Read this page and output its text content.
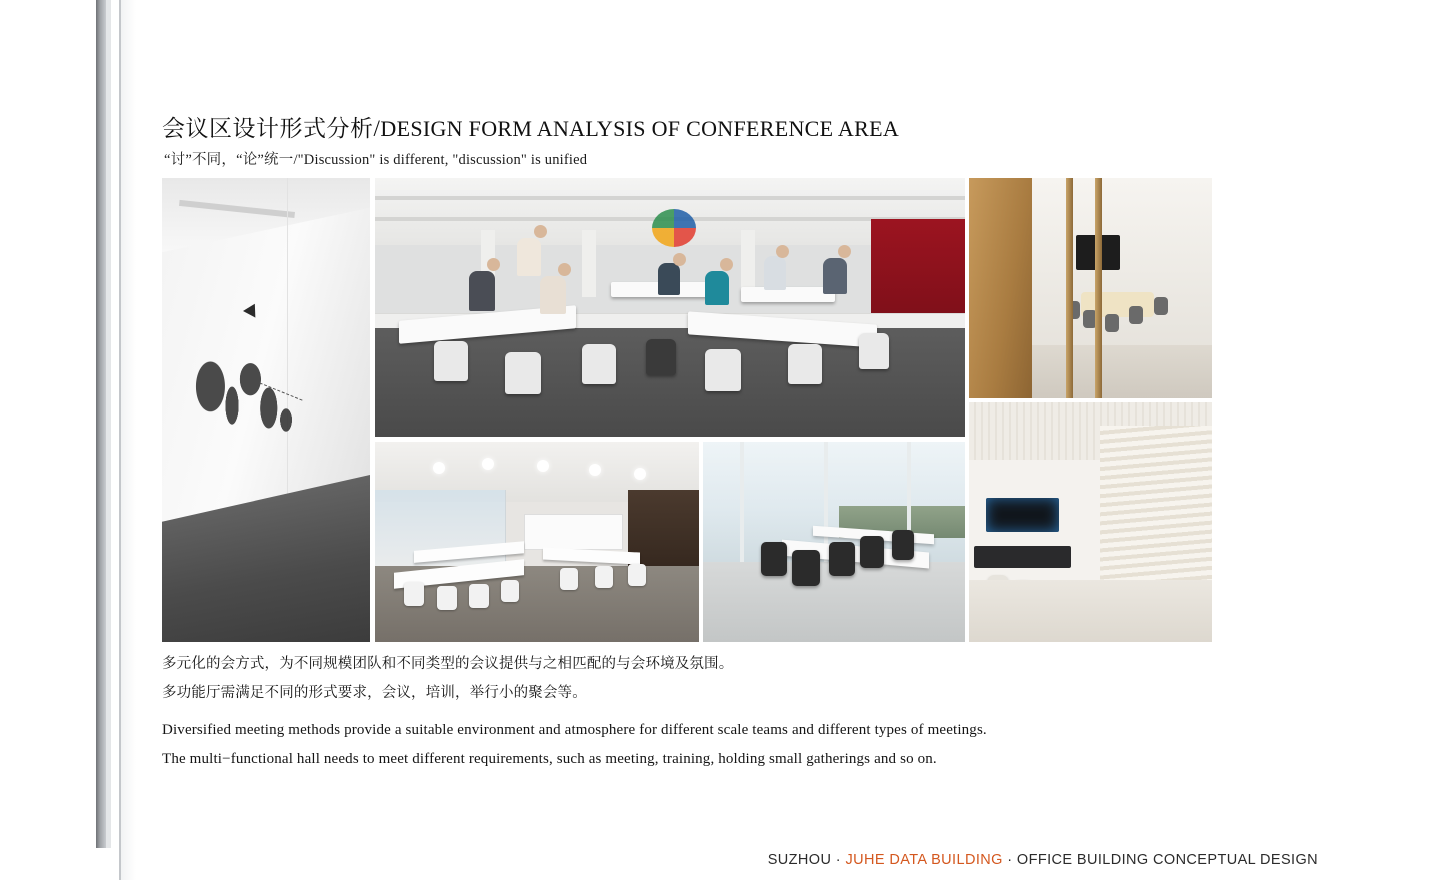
会议区设计形式分析/DESIGN FORM ANALYSIS OF CONFERENCE AREA
“讨”不同，“论”统一/"Discussion" is different, "discussion" is unified

多元化的会方式，为不同规模团队和不同类型的会议提供与之相匹配的与会环境及氛围。

多功能厅需满足不同的形式要求，会议，培训，举行小的聚会等。

Diversified meeting methods provide a suitable environment and atmosphere for different scale teams and different types of meetings.

The multi−functional hall needs to meet different requirements, such as meeting, training, holding small gatherings and so on.

SUZHOU · JUHE DATA BUILDING · OFFICE BUILDING CONCEPTUAL DESIGN
